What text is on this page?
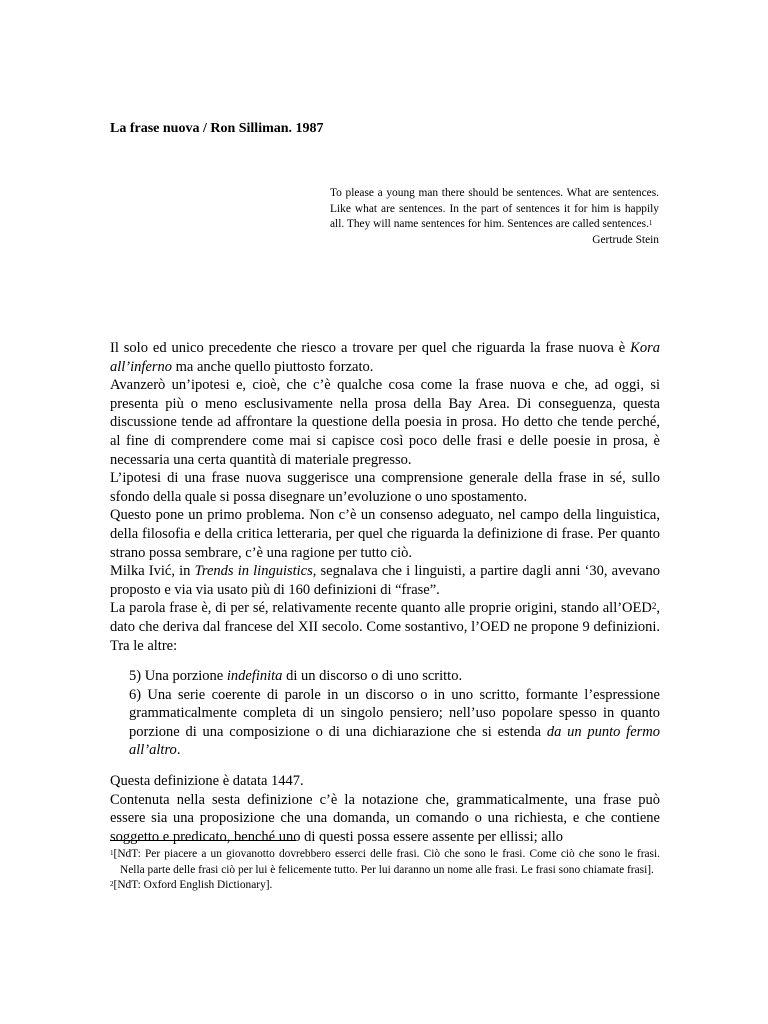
La frase nuova / Ron Silliman. 1987

To please a young man there should be sentences. What are sentences. Like what are sentences. In the part of sentences it for him is happily all. They will name sentences for him. Sentences are called sentences.$^1$

Gertrude Stein

Il solo ed unico precedente che riesco a trovare per quel che riguarda la frase nuova è Kora all’inferno ma anche quello piuttosto forzato.

Avanzerò un’ipotesi e, cioè, che c’è qualche cosa come la frase nuova e che, ad oggi, si presenta più o meno esclusivamente nella prosa della Bay Area. Di conseguenza, questa discussione tende ad affrontare la questione della poesia in prosa. Ho detto che tende perché, al fine di comprendere come mai si capisce così poco delle frasi e delle poesie in prosa, è necessaria una certa quantità di materiale pregresso.

L’ipotesi di una frase nuova suggerisce una comprensione generale della frase in sé, sullo sfondo della quale si possa disegnare un’evoluzione o uno spostamento.

Questo pone un primo problema. Non c’è un consenso adeguato, nel campo della linguistica, della filosofia e della critica letteraria, per quel che riguarda la definizione di frase. Per quanto strano possa sembrare, c’è una ragione per tutto ciò.

Milka Ivić, in Trends in linguistics, segnalava che i linguisti, a partire dagli anni ‘30, avevano proposto e via via usato più di 160 definizioni di “frase”.

La parola frase è, di per sé, relativamente recente quanto alle proprie origini, stando all’OED$^2$, dato che deriva dal francese del XII secolo. Come sostantivo, l’OED ne propone 9 definizioni. Tra le altre:

5) Una porzione indefinita di un discorso o di uno scritto.

6) Una serie coerente di parole in un discorso o in uno scritto, formante l’espressione grammaticalmente completa di un singolo pensiero; nell’uso popolare spesso in quanto porzione di una composizione o di una dichiarazione che si estenda da un punto fermo all’altro.

Questa definizione è datata 1447.

Contenuta nella sesta definizione c’è la notazione che, grammaticalmente, una frase può essere sia una proposizione che una domanda, un comando o una richiesta, e che contiene soggetto e predicato, benché uno di questi possa essere assente per ellissi; allo

$^1$[NdT: Per piacere a un giovanotto dovrebbero esserci delle frasi. Ciò che sono le frasi. Come ciò che sono le frasi. Nella parte delle frasi ciò per lui è felicemente tutto. Per lui daranno un nome alle frasi. Le frasi sono chiamate frasi].

$^2$[NdT: Oxford English Dictionary].
